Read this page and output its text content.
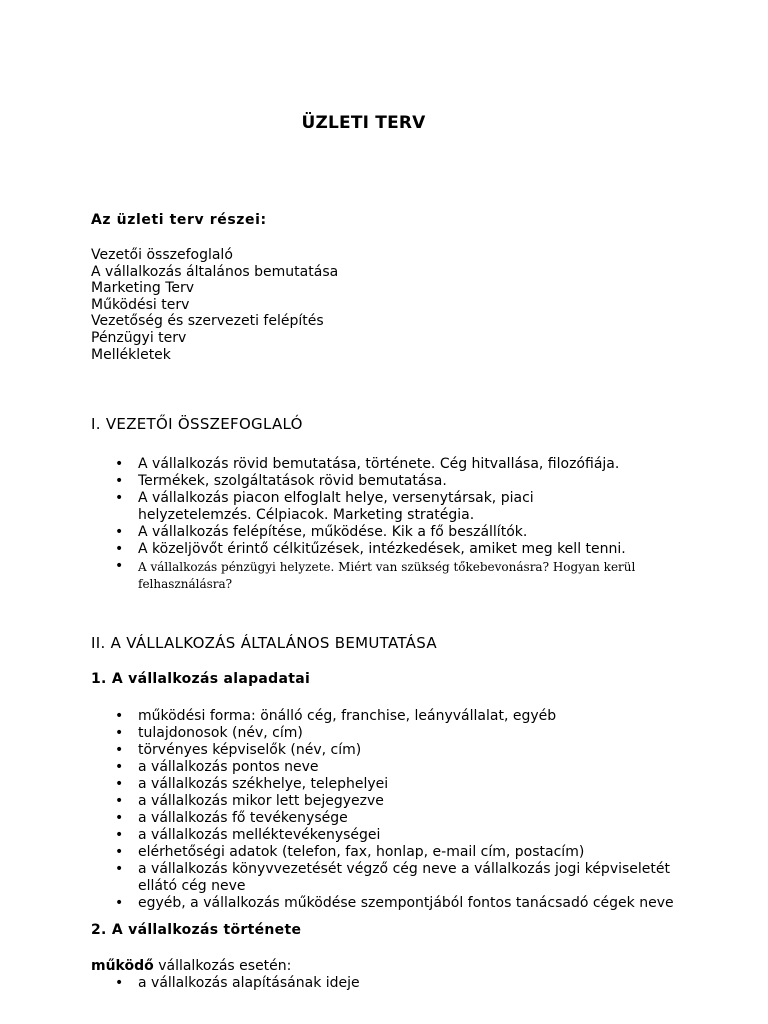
ÜZLETI TERV
Az üzleti terv részei:
Vezetői összefoglaló
A vállalkozás általános bemutatása
Marketing Terv
Működési terv
Vezetőség és szervezeti felépítés
Pénzügyi terv
Mellékletek
I. VEZETŐI ÖSSZEFOGLALÓ
• A vállalkozás rövid bemutatása, története. Cég hitvallása, filozófiája.
• Termékek, szolgáltatások rövid bemutatása.
• A vállalkozás piacon elfoglalt helye, versenytársak, piaci helyzetelemzés. Célpiacok. Marketing stratégia.
• A vállalkozás felépítése, működése. Kik a fő beszállítók.
• A közeljövőt érintő célkitűzések, intézkedések, amiket meg kell tenni.
• A vállalkozás pénzügyi helyzete. Miért van szükség tőkebevonásra? Hogyan kerül felhasználásra?
II. A VÁLLALKOZÁS ÁLTALÁNOS BEMUTATÁSA
1. A vállalkozás alapadatai
• működési forma: önálló cég, franchise, leányvállalat, egyéb
• tulajdonosok (név, cím)
• törvényes képviselők (név, cím)
• a vállalkozás pontos neve
• a vállalkozás székhelye, telephelyei
• a vállalkozás mikor lett bejegyezve
• a vállalkozás fő tevékenysége
• a vállalkozás melléktevékenységei
• elérhetőségi adatok (telefon, fax, honlap, e-mail cím, postacím)
• a vállalkozás könyvvezetését végző cég neve a vállalkozás jogi képviseletét ellátó cég neve
• egyéb, a vállalkozás működése szempontjából fontos tanácsadó cégek neve
2. A vállalkozás története
működő vállalkozás esetén:
• a vállalkozás alapításának ideje
